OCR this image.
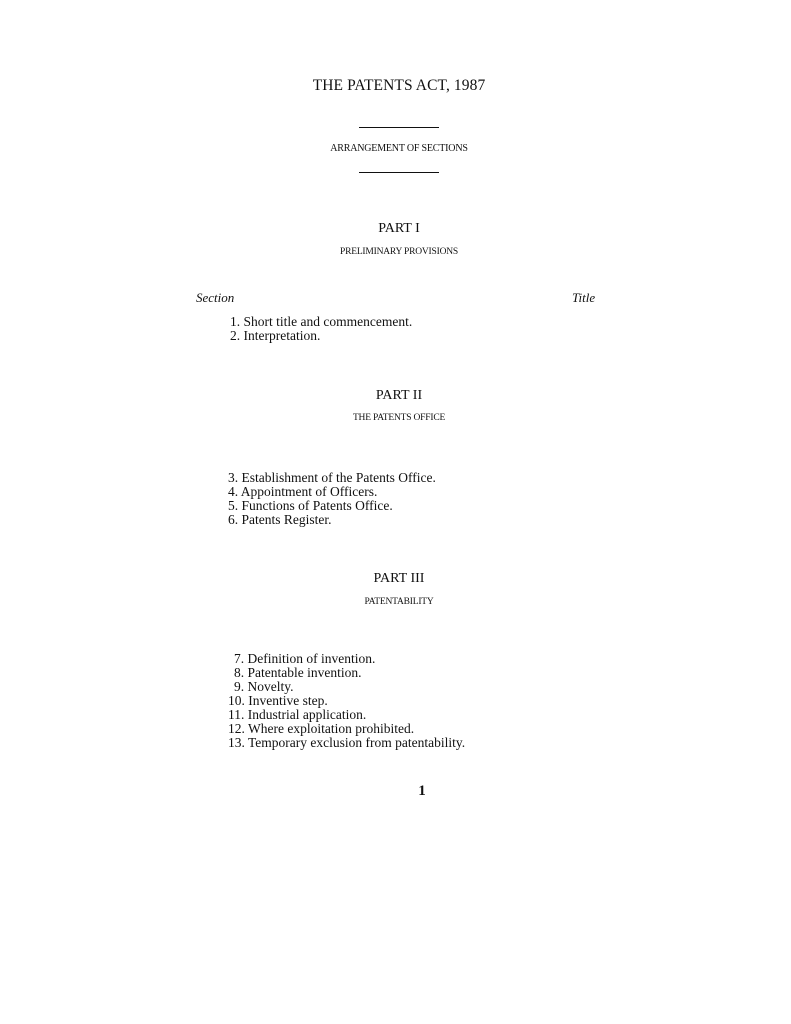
THE PATENTS ACT, 1987
ARRANGEMENT OF SECTIONS
PART I
PRELIMINARY PROVISIONS
Section	Title
1. Short title and commencement.
2. Interpretation.
PART II
THE PATENTS OFFICE
3. Establishment of the Patents Office.
4. Appointment of Officers.
5. Functions of Patents Office.
6. Patents Register.
PART III
PATENTABILITY
7. Definition of invention.
8. Patentable invention.
9. Novelty.
10. Inventive step.
11. Industrial application.
12. Where exploitation prohibited.
13. Temporary exclusion from patentability.
1
